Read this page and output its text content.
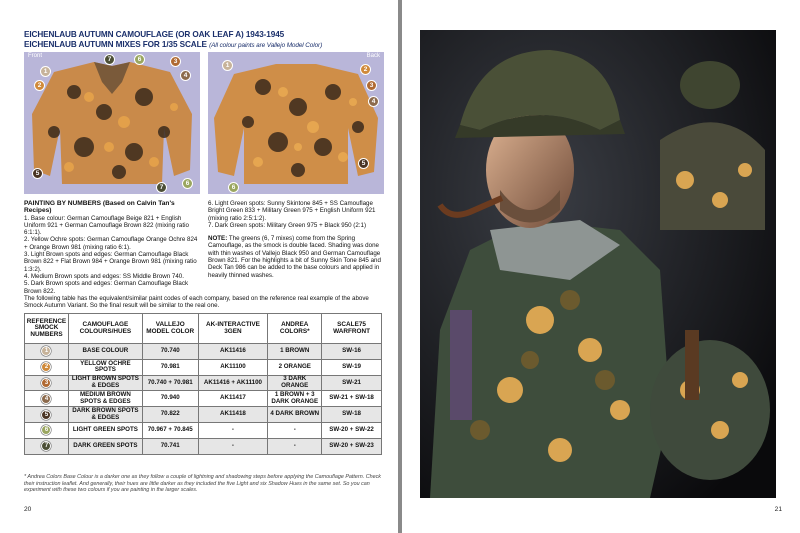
EICHENLAUB AUTUMN CAMOUFLAGE (OR OAK LEAF A) 1943-1945
EICHENLAUB AUTUMN MIXES FOR 1/35 SCALE (All colour paints are Vallejo Model Color)
Front
1
2
7	6	3
4
5
7
6
Back
1
2
3
4
5
6
PAINTING BY NUMBERS (Based on Calvin Tan's Recipes)
1. Base colour: German Camouflage Beige 821 + English Uniform 921 + German Camouflage Brown 822 (mixing ratio 6:1:1).
2. Yellow Ochre spots: German Camouflage Orange Ochre 824 + Orange Brown 981 (mixing ratio 6:1).
3. Light Brown spots and edges: German Camouflage Black Brown 822 + Flat Brown 984 + Orange Brown 981 (mixing ratio 1:3:2).
4. Medium Brown spots and edges: SS Middle Brown 740.
5. Dark Brown spots and edges: German Camouflage Black Brown 822.
6. Light Green spots: Sunny Skintone 845 + SS Camouflage Bright Green 833 + Military Green 975 + English Uniform 921 (mixing ratio 2:5:1:2).

7. Dark Green spots: Military Green 975 + Black 950 (2:1)

NOTE: The greens (6, 7 mixes) come from the Spring Camouflage, as the smock is double faced. Shading was done with thin washes of Vallejo Black 950 and German Camouflage Brown 821. For the highlights a bit of Sunny Skin Tone 845 and Deck Tan 986 can be added to the base colours and applied in heavily thinned washes.

The following table has the equivalent/similar paint codes of each company, based on the reference real example of the above Smock Autumn Variant. So the final result will be similar to the real one.
REFERENCE SMOCK NUMBERS	CAMOUFLAGE COLOURS/HUES	VALLEJO MODEL COLOR	AK-INTERACTIVE 3GEN	ANDREA COLORS*	SCALE75 WARFRONT
1	BASE COLOUR	70.740	AK11416	1 BROWN	SW-16
2	YELLOW OCHRE SPOTS	70.981	AK11100	2 ORANGE	SW-19
3	LIGHT BROWN SPOTS & EDGES	70.740 + 70.981	AK11416 + AK11100	3 DARK ORANGE	SW-21
4	MEDIUM BROWN SPOTS & EDGES	70.940	AK11417	1 BROWN + 3 DARK ORANGE	SW-21 + SW-18
5	DARK BROWN SPOTS & EDGES	70.822	AK11418	4 DARK BROWN	SW-18
6	LIGHT GREEN SPOTS	70.967 + 70.845	-	-	SW-20 + SW-22
7	DARK GREEN SPOTS	70.741	-	-	SW-20 + SW-23
* Andrea Colors Base Colour is a darker one as they follow a couple of lightning and shadowing steps before applying the Camouflage Pattern. Check their instruction leaflet. And generally, their hues are little darker as they included the five Light and six Shadow Hues in the same set. So you can experiment with these two colours if you are painting in the larger scales.
20	21
